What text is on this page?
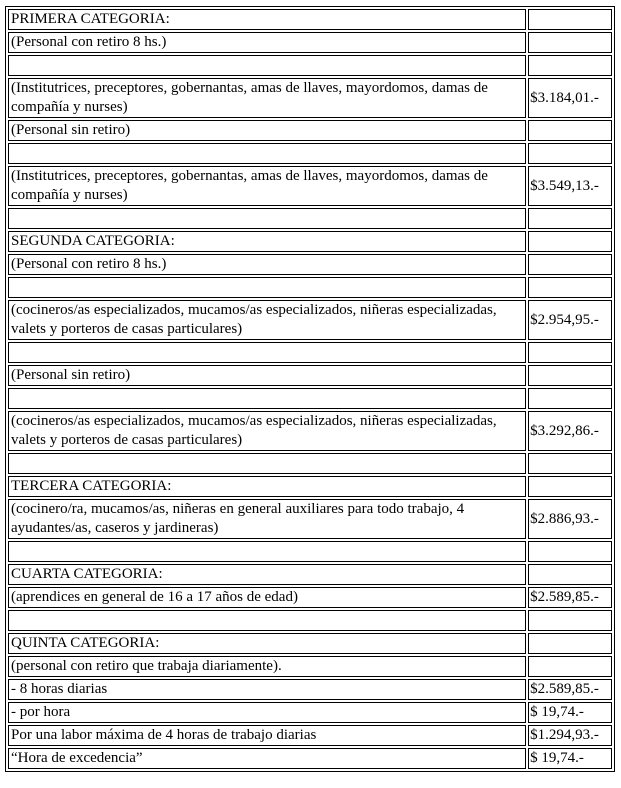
PRIMERA CATEGORIA:	
(Personal con retiro 8 hs.)	

(Institutrices, preceptores, gobernantas, amas de llaves, mayordomos, damas de compañía y nurses)	$3.184,01.-
(Personal sin retiro)	

(Institutrices, preceptores, gobernantas, amas de llaves, mayordomos, damas de compañía y nurses)	$3.549,13.-

SEGUNDA CATEGORIA:	
(Personal con retiro 8 hs.)	

(cocineros/as especializados, mucamos/as especializados, niñeras especializadas, valets y porteros de casas particulares)	$2.954,95.-

(Personal sin retiro)	

(cocineros/as especializados, mucamos/as especializados, niñeras especializadas, valets y porteros de casas particulares)	$3.292,86.-

TERCERA CATEGORIA:	
(cocinero/ra, mucamos/as, niñeras en general auxiliares para todo trabajo, 4 ayudantes/as, caseros y jardineras)	$2.886,93.-

CUARTA CATEGORIA:	
(aprendices en general de 16 a 17 años de edad)	$2.589,85.-

QUINTA CATEGORIA:	
(personal con retiro que trabaja diariamente).	
- 8 horas diarias	$2.589,85.-
- por hora	$ 19,74.-
Por una labor máxima de 4 horas de trabajo diarias	$1.294,93.-
“Hora de excedencia”	$ 19,74.-
